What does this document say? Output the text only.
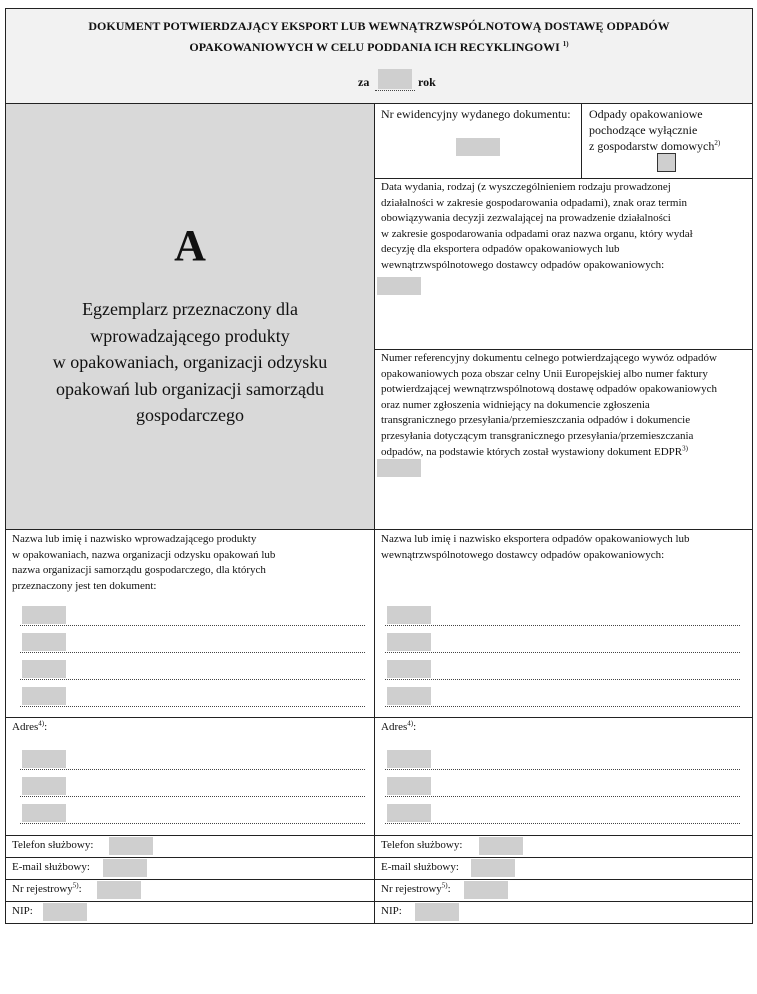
DOKUMENT POTWIERDZAJĄCY EKSPORT LUB WEWNĄTRZWSPÓLNOTOWĄ DOSTAWĘ ODPADÓW
OPAKOWANIOWYCH W CELU PODDANIA ICH RECYKLINGOWI $^{1)}$
za	rok
A
Egzemplarz przeznaczony dla
wprowadzającego produkty
w opakowaniach, organizacji odzysku
opakowań lub organizacji samorządu
gospodarczego
Nr ewidencyjny wydanego dokumentu: Odpady opakowaniowe
pochodzące wyłącznie
z gospodarstw domowych$^{2)}$
Data wydania, rodzaj (z wyszczególnieniem rodzaju prowadzonej
działalności w zakresie gospodarowania odpadami), znak oraz termin
obowiązywania decyzji zezwalającej na prowadzenie działalności
w zakresie gospodarowania odpadami oraz nazwa organu, który wydał
decyzję dla eksportera odpadów opakowaniowych lub
wewnątrzwspólnotowego dostawcy odpadów opakowaniowych:
Numer referencyjny dokumentu celnego potwierdzającego wywóz odpadów
opakowaniowych poza obszar celny Unii Europejskiej albo numer faktury
potwierdzającej wewnątrzwspólnotową dostawę odpadów opakowaniowych
oraz numer zgłoszenia widniejący na dokumencie zgłoszenia
transgranicznego przesyłania/przemieszczania odpadów i dokumencie
przesyłania dotyczącym transgranicznego przesyłania/przemieszczania
odpadów, na podstawie których został wystawiony dokument EDPR$^{3)}$
Nazwa lub imię i nazwisko wprowadzającego produkty
w opakowaniach, nazwa organizacji odzysku opakowań lub
nazwa organizacji samorządu gospodarczego, dla których
przeznaczony jest ten dokument:
Nazwa lub imię i nazwisko eksportera odpadów opakowaniowych lub
wewnątrzwspólnotowego dostawcy odpadów opakowaniowych:
Adres$^{4)}$:	Adres$^{4)}$:
Telefon służbowy:
E-mail służbowy:
Nr rejestrowy$^{5)}$:
NIP:
Telefon służbowy:
E-mail służbowy:
Nr rejestrowy$^{5)}$:
NIP:
